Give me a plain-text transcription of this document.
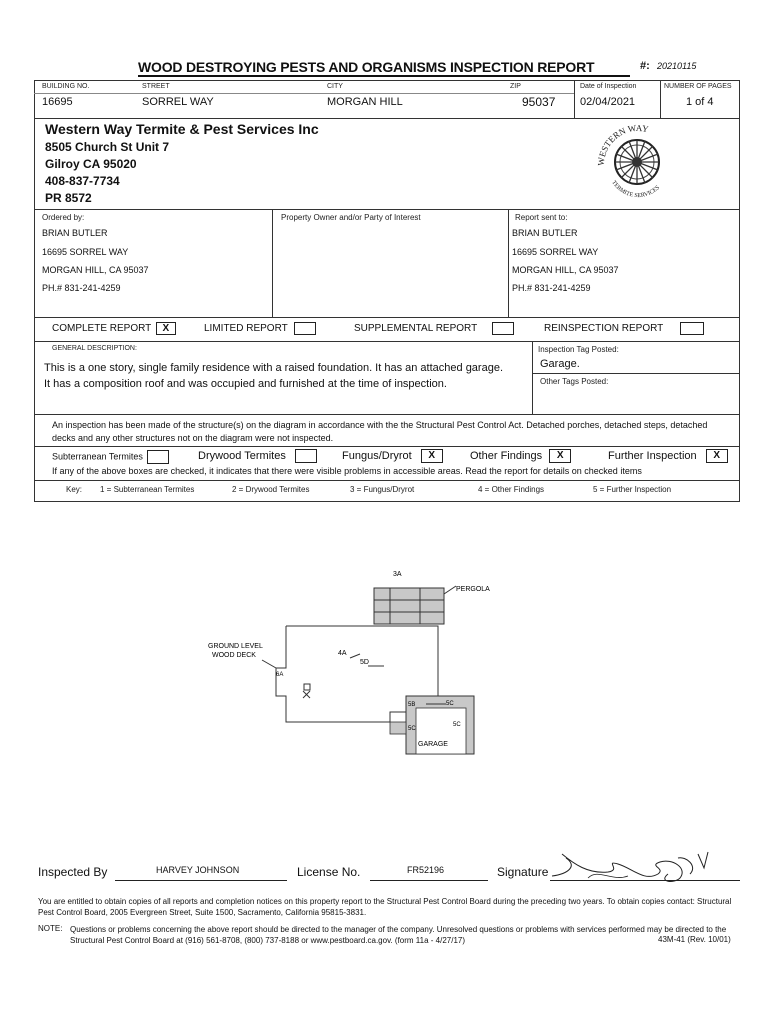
WOOD DESTROYING PESTS AND ORGANISMS INSPECTION REPORT	#: 20210115
BUILDING NO.
16695
STREET
SORREL WAY
CITY
MORGAN HILL
ZIP
95037
Date of Inspection
02/04/2021
NUMBER OF PAGES
1 of 4
Western Way Termite & Pest Services Inc
8505 Church St Unit 7
Gilroy CA 95020
408-837-7734
PR 8572
WESTERN WAY
TERMITE SERVICES
Ordered by:
BRIAN BUTLER
16695 SORREL WAY
MORGAN HILL, CA 95037
PH.# 831-241-4259
Property Owner and/or Party of Interest	Report sent to:
BRIAN BUTLER
16695 SORREL WAY
MORGAN HILL, CA 95037
PH.# 831-241-4259
COMPLETE REPORT X	LIMITED REPORT	SUPPLEMENTAL REPORT	REINSPECTION REPORT
GENERAL DESCRIPTION:
This is a one story, single family residence with a raised foundation. It has an attached garage. It has a composition roof and was occupied and furnished at the time of inspection.
Inspection Tag Posted:
Garage.
Other Tags Posted:
An inspection has been made of the structure(s) on the diagram in accordance with the the Structural Pest Control Act. Detached porches, detached steps, detached decks and any other structures not on the diagram were not inspected.
Subterranean Termites	Drywood Termites	Fungus/Dryrot X	Other Findings X	Further Inspection X
If any of the above boxes are checked, it indicates that there were visible problems in accessible areas. Read the report for details on checked items
Key: 1 = Subterranean Termites	2 = Drywood Termites	3 = Fungus/Dryrot	4 = Other Findings	5 = Further Inspection
3A
PERGOLA
GROUND LEVEL
WOOD DECK
6A
4A
5D
5B	5C
5C
5C
GARAGE
Inspected By	HARVEY JOHNSON	License No.	FR52196	Signature
You are entitled to obtain copies of all reports and completion notices on this property report to the Structural Pest Control Board during the preceding two years. To obtain copies contact: Structural Pest Control Board, 2005 Evergreen Street, Suite 1500, Sacramento, California 95815-3831.
NOTE: Questions or problems concerning the above report should be directed to the manager of the company. Unresolved questions or problems with services performed may be directed to the Structural Pest Control Board at (916) 561-8708, (800) 737-8188 or www.pestboard.ca.gov. (form 11a - 4/27/17)	43M-41 (Rev. 10/01)
